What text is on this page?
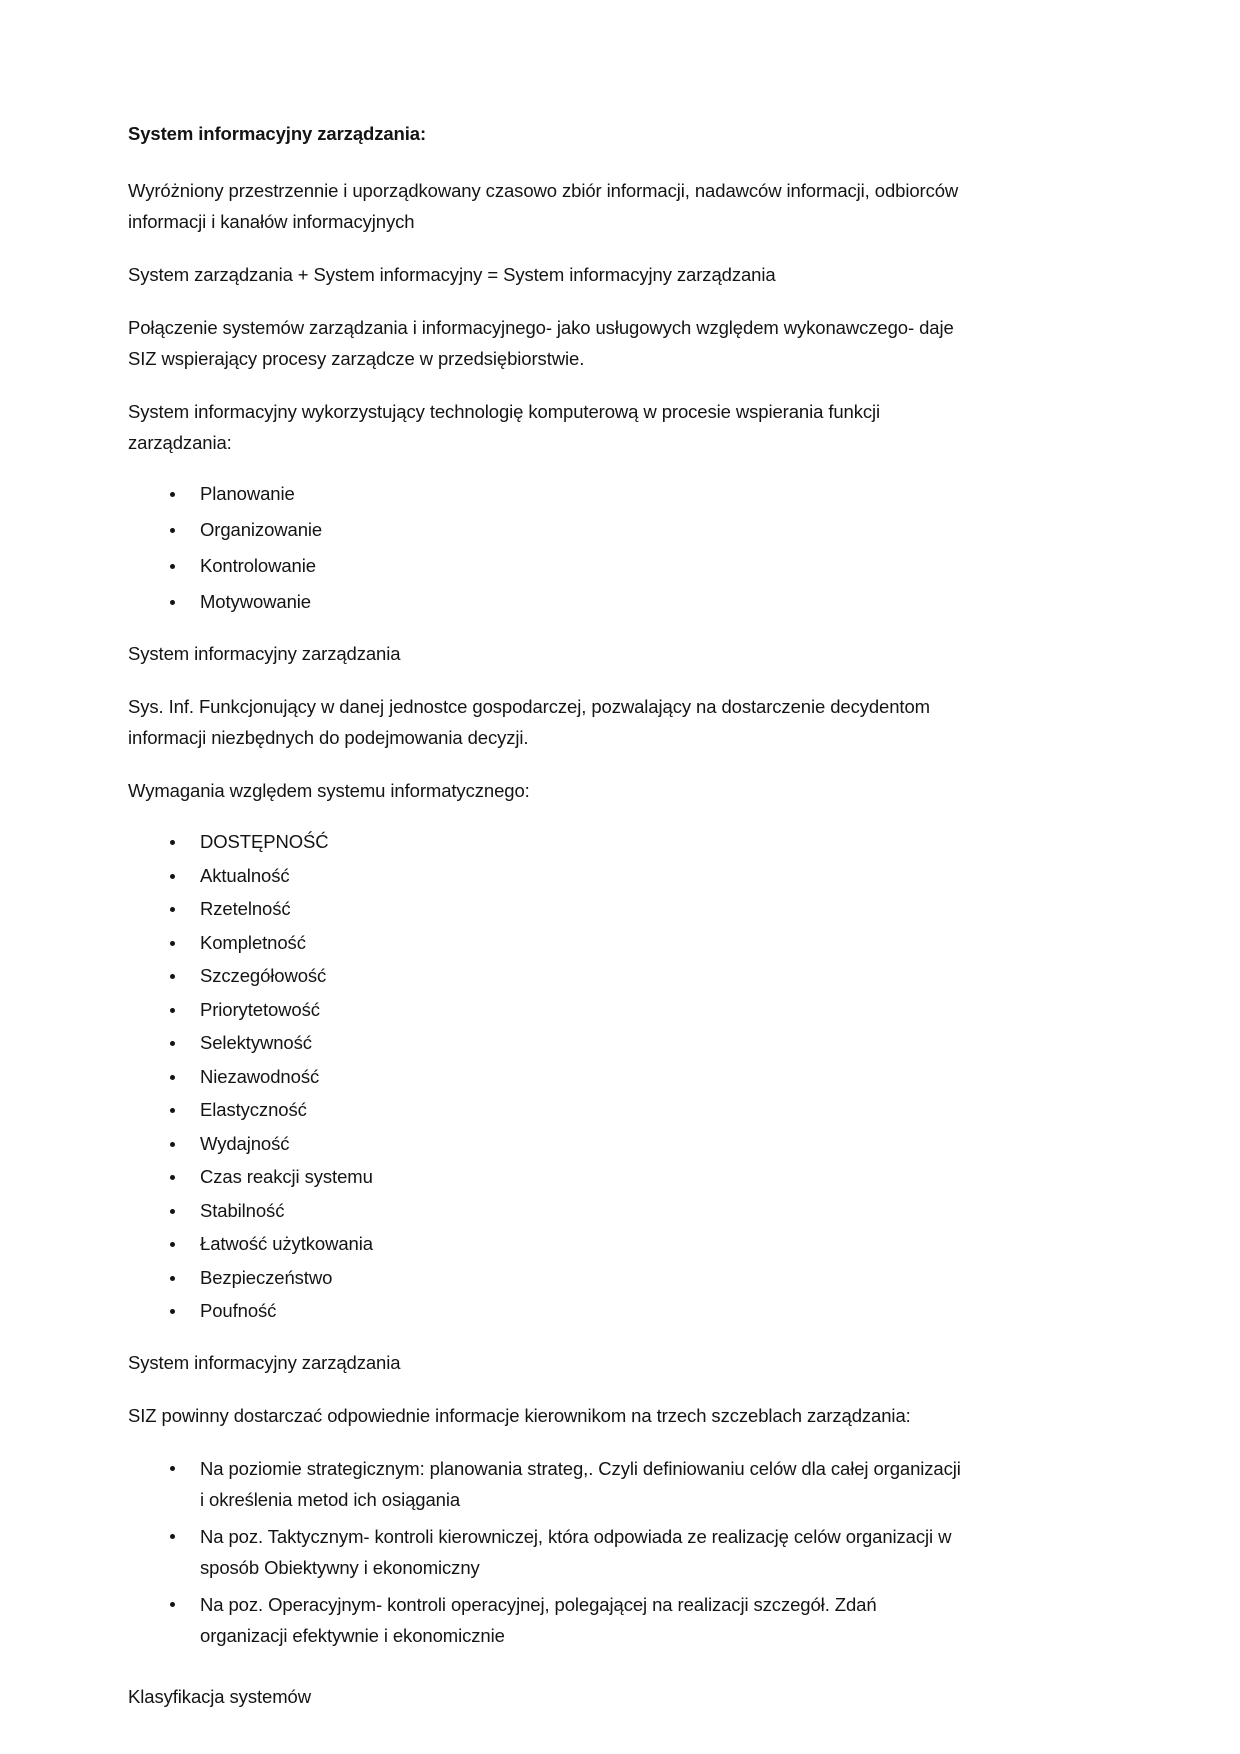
System informacyjny zarządzania:

Wyróżniony przestrzennie i uporządkowany czasowo zbiór informacji, nadawców informacji, odbiorców informacji i kanałów informacyjnych

System zarządzania + System informacyjny = System informacyjny zarządzania

Połączenie systemów zarządzania i informacyjnego- jako usługowych względem wykonawczego- daje SIZ wspierający procesy zarządcze w przedsiębiorstwie.

System informacyjny wykorzystujący technologię komputerową w procesie wspierania funkcji zarządzania:

Planowanie
Organizowanie
Kontrolowanie
Motywowanie

System informacyjny zarządzania

Sys. Inf. Funkcjonujący w danej jednostce gospodarczej, pozwalający na dostarczenie decydentom informacji niezbędnych do podejmowania decyzji.

Wymagania względem systemu informatycznego:

DOSTĘPNOŚĆ
Aktualność
Rzetelność
Kompletność
Szczegółowość
Priorytetowość
Selektywność
Niezawodność
Elastyczność
Wydajność
Czas reakcji systemu
Stabilność
Łatwość użytkowania
Bezpieczeństwo
Poufność

System informacyjny zarządzania

SIZ powinny dostarczać odpowiednie informacje kierownikom na trzech szczeblach zarządzania:

Na poziomie strategicznym: planowania strateg,. Czyli definiowaniu celów dla całej organizacji i określenia metod ich osiągania
Na poz. Taktycznym- kontroli kierowniczej, która odpowiada ze realizację celów organizacji w sposób Obiektywny i ekonomiczny
Na poz. Operacyjnym- kontroli operacyjnej, polegającej na realizacji szczegół. Zdań organizacji efektywnie i ekonomicznie

Klasyfikacja systemów
